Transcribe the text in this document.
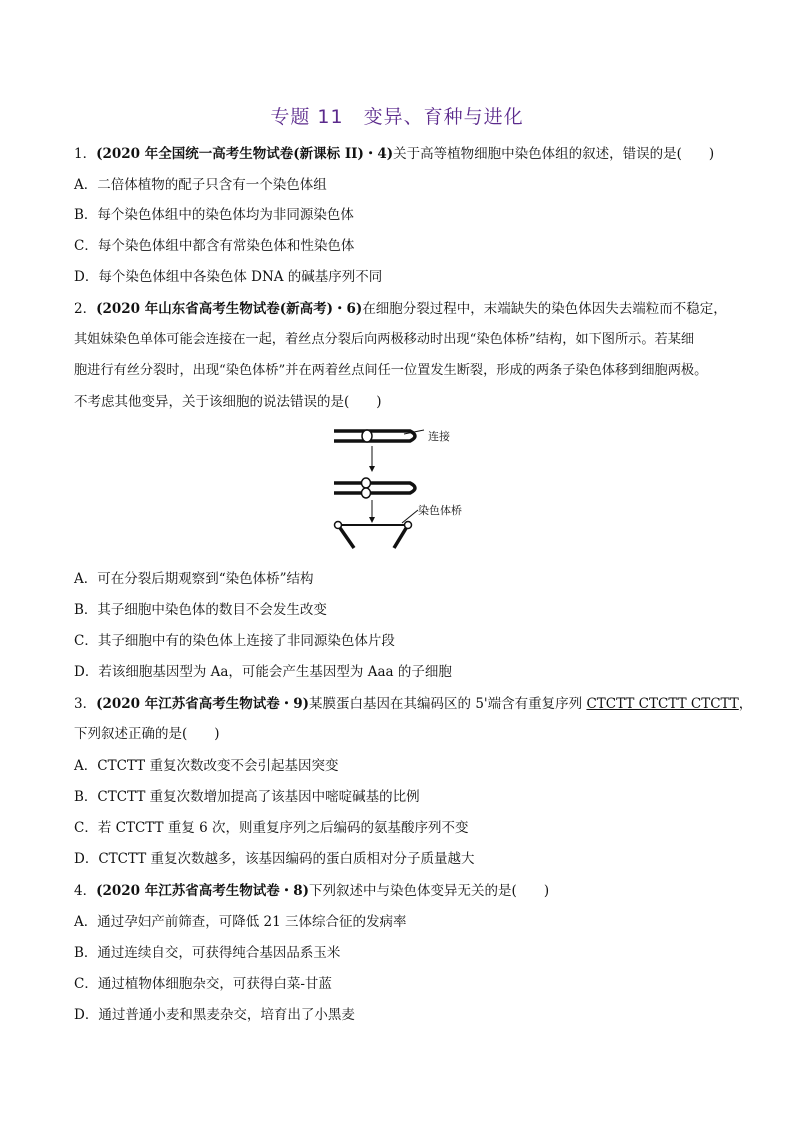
专题 11　变异、育种与进化
1．(2020 年全国统一高考生物试卷(新课标 II)・4)关于高等植物细胞中染色体组的叙述，错误的是(　　)
A．二倍体植物的配子只含有一个染色体组
B．每个染色体组中的染色体均为非同源染色体
C．每个染色体组中都含有常染色体和性染色体
D．每个染色体组中各染色体 DNA 的碱基序列不同
2．(2020 年山东省高考生物试卷(新高考)・6)在细胞分裂过程中，末端缺失的染色体因失去端粒而不稳定，
其姐妹染色单体可能会连接在一起，着丝点分裂后向两极移动时出现“染色体桥”结构，如下图所示。若某细
胞进行有丝分裂时，出现“染色体桥”并在两着丝点间任一位置发生断裂，形成的两条子染色体移到细胞两极。
不考虑其他变异，关于该细胞的说法错误的是(　　)
连接
染色体桥
A．可在分裂后期观察到“染色体桥”结构
B．其子细胞中染色体的数目不会发生改变
C．其子细胞中有的染色体上连接了非同源染色体片段
D．若该细胞基因型为 Aa，可能会产生基因型为 Aaa 的子细胞
3．(2020 年江苏省高考生物试卷・9)某膜蛋白基因在其编码区的 5'端含有重复序列 CTCTT CTCTT CTCTT，
下列叙述正确的是(　　)
A．CTCTT 重复次数改变不会引起基因突变
B．CTCTT 重复次数增加提高了该基因中嘧啶碱基的比例
C．若 CTCTT 重复 6 次，则重复序列之后编码的氨基酸序列不变
D．CTCTT 重复次数越多，该基因编码的蛋白质相对分子质量越大
4．(2020 年江苏省高考生物试卷・8)下列叙述中与染色体变异无关的是(　　)
A．通过孕妇产前筛查，可降低 21 三体综合征的发病率
B．通过连续自交，可获得纯合基因品系玉米
C．通过植物体细胞杂交，可获得白菜-甘蓝
D．通过普通小麦和黑麦杂交，培育出了小黑麦
